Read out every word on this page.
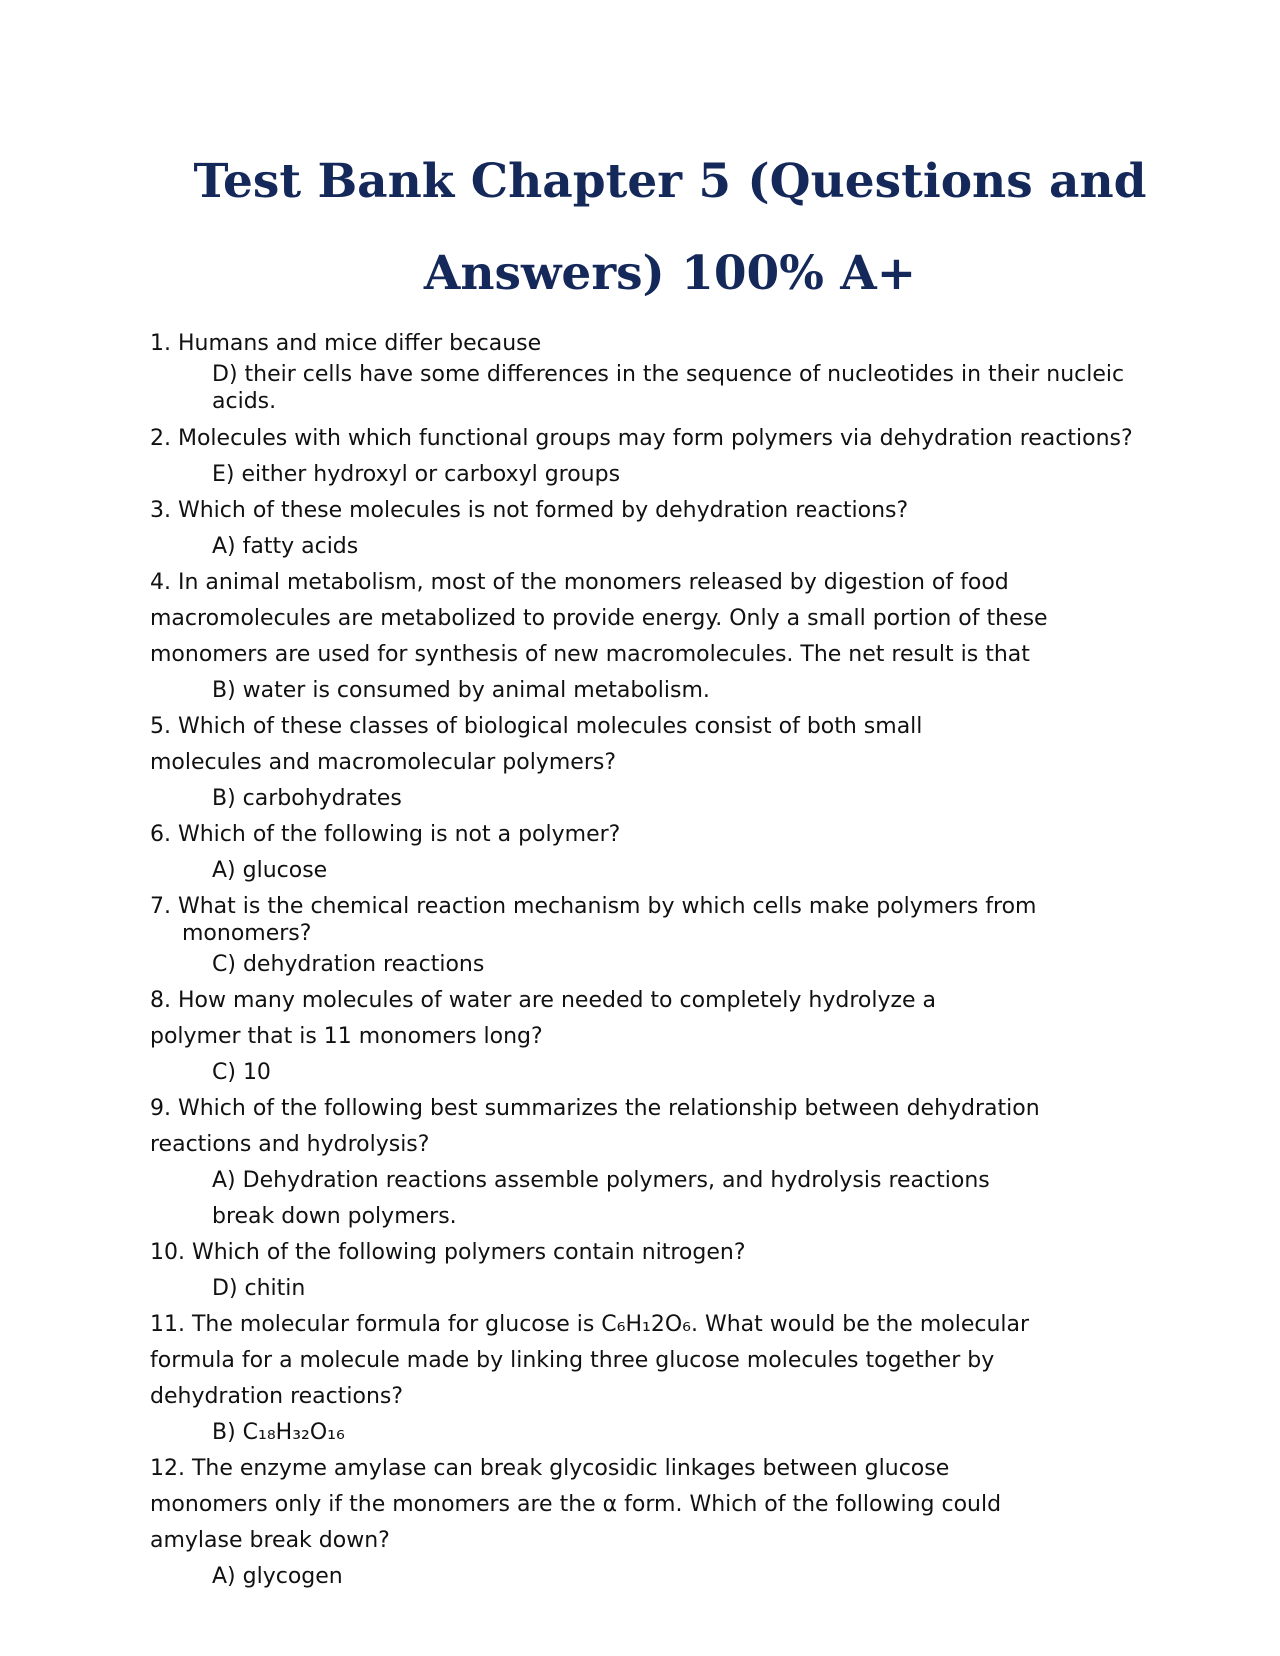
Test Bank Chapter 5 (Questions and
Answers) 100% A+

1. Humans and mice differ because

D) their cells have some differences in the sequence of nucleotides in their nucleic

acids.

2. Molecules with which functional groups may form polymers via dehydration reactions?

E) either hydroxyl or carboxyl groups

3. Which of these molecules is not formed by dehydration reactions?

A) fatty acids

4. In animal metabolism, most of the monomers released by digestion of food

macromolecules are metabolized to provide energy. Only a small portion of these

monomers are used for synthesis of new macromolecules. The net result is that

B) water is consumed by animal metabolism.

5. Which of these classes of biological molecules consist of both small

molecules and macromolecular polymers?

B) carbohydrates

6. Which of the following is not a polymer?

A) glucose

7. What is the chemical reaction mechanism by which cells make polymers from

monomers?

C) dehydration reactions

8. How many molecules of water are needed to completely hydrolyze a

polymer that is 11 monomers long?

C) 10

9. Which of the following best summarizes the relationship between dehydration

reactions and hydrolysis?

A) Dehydration reactions assemble polymers, and hydrolysis reactions

break down polymers.

10. Which of the following polymers contain nitrogen?

D) chitin

11. The molecular formula for glucose is C₆H₁2O₆. What would be the molecular

formula for a molecule made by linking three glucose molecules together by

dehydration reactions?

B) C₁₈H₃₂O₁₆

12. The enzyme amylase can break glycosidic linkages between glucose

monomers only if the monomers are the α form. Which of the following could

amylase break down?

A) glycogen
